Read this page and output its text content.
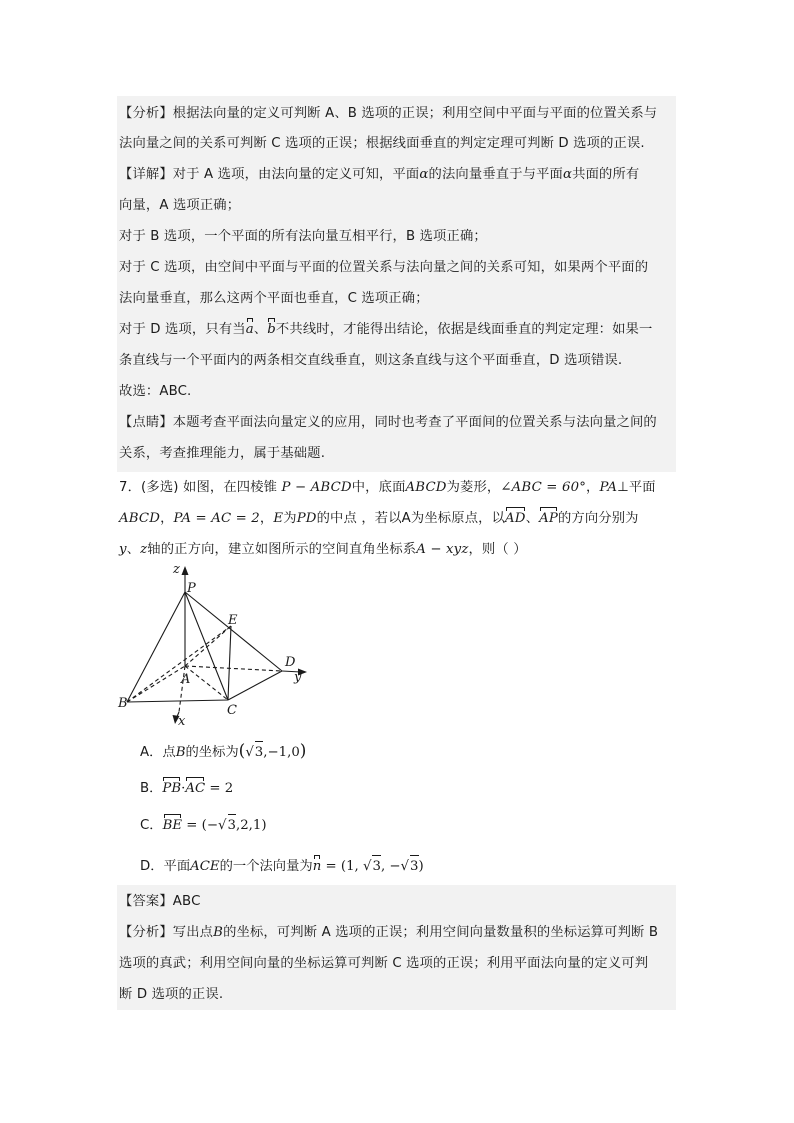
【分析】根据法向量的定义可判断 A、B 选项的正误；利用空间中平面与平面的位置关系与
法向量之间的关系可判断 C 选项的正误；根据线面垂直的判定定理可判断 D 选项的正误.
【详解】对于 A 选项，由法向量的定义可知，平面α的法向量垂直于与平面α共面的所有
向量，A 选项正确；
对于 B 选项，一个平面的所有法向量互相平行，B 选项正确；
对于 C 选项，由空间中平面与平面的位置关系与法向量之间的关系可知，如果两个平面的
法向量垂直，那么这两个平面也垂直，C 选项正确；
对于 D 选项，只有当a、b不共线时，才能得出结论，依据是线面垂直的判定定理：如果一
条直线与一个平面内的两条相交直线垂直，则这条直线与这个平面垂直，D 选项错误.
故选：ABC.
【点睛】本题考查平面法向量定义的应用，同时也考查了平面间的位置关系与法向量之间的
关系，考查推理能力，属于基础题.
7．(多选) 如图，在四棱锥 P − ABCD中，底面ABCD为菱形，∠ABC = 60°，PA⊥平面
ABCD，PA = AC = 2，E为PD的中点 ，若以A为坐标原点，以AD、AP的方向分别为
y、z轴的正方向，建立如图所示的空间直角坐标系A − xyz，则（ ）
z
P
E
D
y
A
B	C
x
A．点B的坐标为(√3,−1,0)
B．PB·AC = 2
C．BE = (−√3,2,1)
D．平面ACE的一个法向量为n = (1, √3, −√3)
【答案】ABC
【分析】写出点B的坐标，可判断 A 选项的正误；利用空间向量数量积的坐标运算可判断 B
选项的真武；利用空间向量的坐标运算可判断 C 选项的正误；利用平面法向量的定义可判
断 D 选项的正误.
